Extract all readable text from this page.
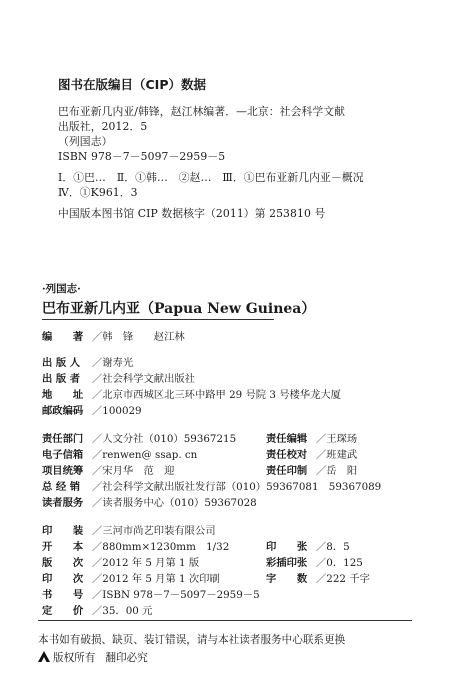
图书在版编目（CIP）数据
巴布亚新几内亚/韩锋，赵江林编著．—北京：社会科学文献
出版社，2012．5
（列国志）
ISBN 978－7－5097－2959－5
Ⅰ．①巴…　Ⅱ．①韩…　②赵…　Ⅲ．①巴布亚新几内亚－概况
Ⅳ．①K961．3
中国版本图书馆 CIP 数据核字（2011）第 253810 号
·列国志·
巴布亚新几内亚（Papua New Guinea）
编　　著 ／韩　锋　　赵江林
出 版 人 ／谢寿光
出 版 者 ／社会科学文献出版社
地　　址 ／北京市西城区北三环中路甲 29 号院 3 号楼华龙大厦
邮政编码 ／100029
责任部门 ／人文分社（010）59367215	责任编辑 ／王琛玚
电子信箱 ／renwen@ ssap. cn	责任校对 ／班建武
项目统筹 ／宋月华　范　迎	责任印制 ／岳　阳
总 经 销 ／社会科学文献出版社发行部（010）59367081　59367089
读者服务 ／读者服务中心（010）59367028
印　　装 ／三河市尚艺印装有限公司
开　　本 ／880mm×1230mm　1/32	印　　张 ／8．5
版　　次 ／2012 年 5 月第 1 版	彩插印张 ／0．125
印　　次 ／2012 年 5 月第 1 次印刷	字　　数 ／222 千字
书　　号 ／ISBN 978－7－5097－2959－5
定　　价 ／35．00 元
本书如有破损、缺页、装订错误，请与本社读者服务中心联系更换
版权所有 翻印必究
